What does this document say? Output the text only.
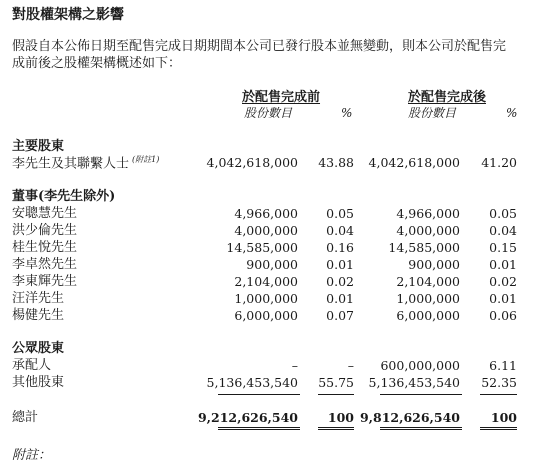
對股權架構之影響
假設自本公佈日期至配售完成日期期間本公司已發行股本並無變動，則本公司於配售完
成前後之股權架構概述如下：
於配售完成前	於配售完成後
股份數目	%	股份數目	%
主要股東
李先生及其聯繫人士 $^{(附註1)}$	4,042,618,000 43.88 4,042,618,000 41.20
董事(李先生除外)
安聰慧先生	4,966,000 0.05	4,966,000 0.05
洪少倫先生	4,000,000 0.04	4,000,000 0.04
桂生悅先生	14,585,000 0.16	14,585,000 0.15
李卓然先生	900,000 0.01	900,000 0.01
李東輝先生	2,104,000 0.02	2,104,000 0.02
汪洋先生	1,000,000 0.01	1,000,000 0.01
楊健先生	6,000,000 0.07	6,000,000 0.06
公眾股東
承配人	–	– 600,000,000 6.11
其他股東	5,136,453,540 55.75 5,136,453,540 52.35
總計	9,212,626,540 100 9,812,626,540 100
附註：
